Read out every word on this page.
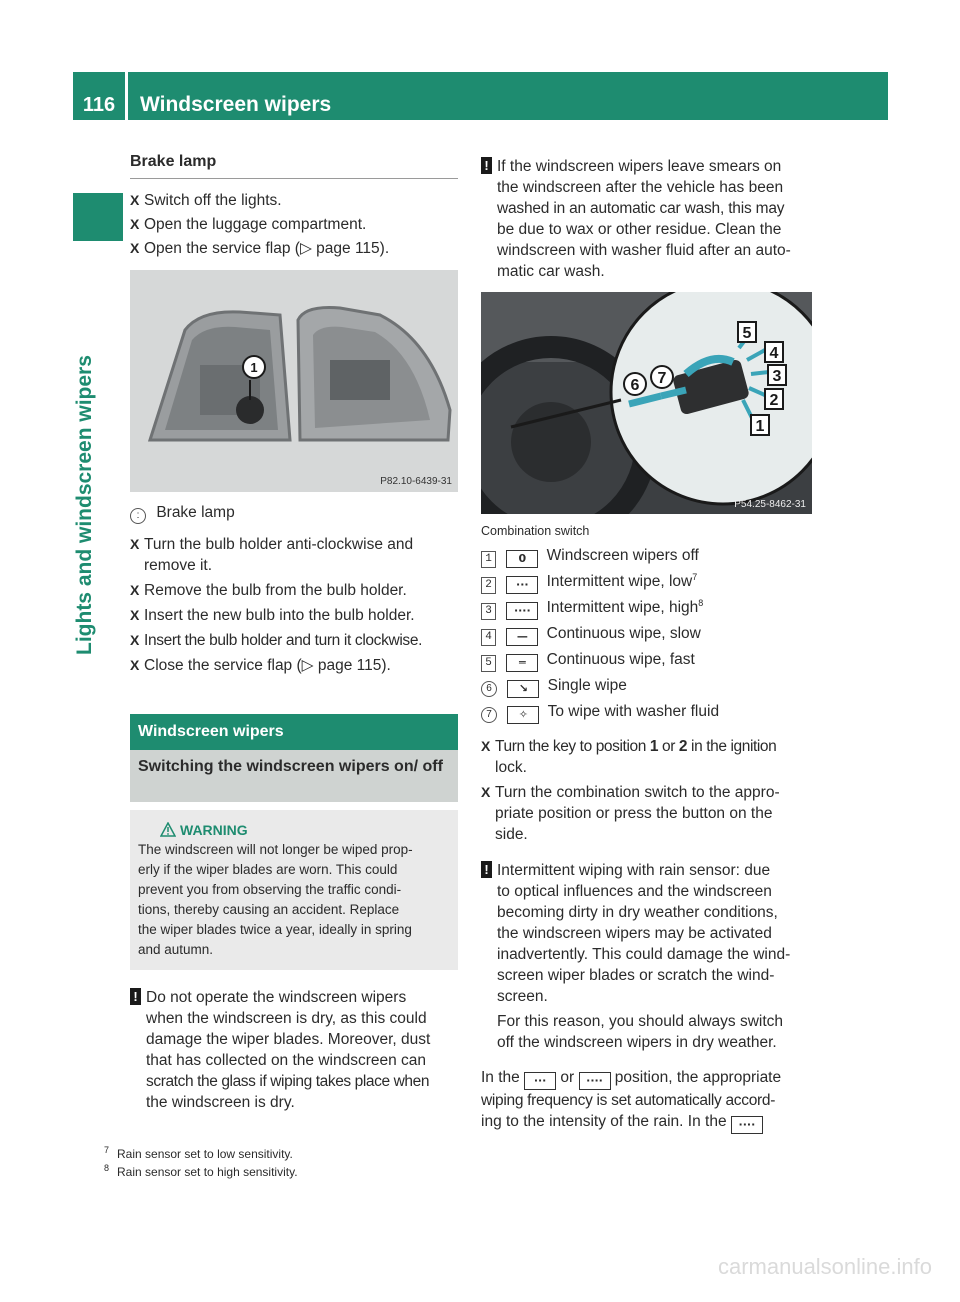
116	Windscreen wipers
Lights and windscreen wipers
Brake lamp
X Switch off the lights.
X Open the luggage compartment.
X Open the service flap (▷ page 115).
1
P82.10-6439-31
: Brake lamp
X Turn the bulb holder anti-clockwise and
remove it.
X Remove the bulb from the bulb holder.
X Insert the new bulb into the bulb holder.
X Insert the bulb holder and turn it clockwise.
X Close the service flap (▷ page 115).
Windscreen wipers
Switching the windscreen wipers on/ off
WARNING
The windscreen will not longer be wiped prop-
erly if the wiper blades are worn. This could
prevent you from observing the traffic condi-
tions, thereby causing an accident. Replace
the wiper blades twice a year, ideally in spring
and autumn.
! Do not operate the windscreen wipers
when the windscreen is dry, as this could
damage the wiper blades. Moreover, dust
that has collected on the windscreen can
scratch the glass if wiping takes place when
the windscreen is dry.
! If the windscreen wipers leave smears on
the windscreen after the vehicle has been
washed in an automatic car wash, this may
be due to wax or other residue. Clean the
windscreen with washer fluid after an auto-
matic car wash.
5
4
3
2
1
6 7
P54.25-8462-31
Combination switch
1 0 Windscreen wipers off
2 ··· Intermittent wipe, low$^7$
3 ···· Intermittent wipe, high$^8$
4 — Continuous wipe, slow
5 ═ Continuous wipe, fast
6 ↘ Single wipe
7 ✧ To wipe with washer fluid
X Turn the key to position 1 or 2 in the ignition
lock.
X Turn the combination switch to the appro-
priate position or press the button on the
side.
! Intermittent wiping with rain sensor: due
to optical influences and the windscreen
becoming dirty in dry weather conditions,
the windscreen wipers may be activated
inadvertently. This could damage the wind-
screen wiper blades or scratch the wind-
screen.
For this reason, you should always switch
off the windscreen wipers in dry weather.
In the ··· or ···· position, the appropriate
wiping frequency is set automatically accord-
ing to the intensity of the rain. In the ····
$^7$ Rain sensor set to low sensitivity.
$^8$ Rain sensor set to high sensitivity.
carmanualsonline.info
